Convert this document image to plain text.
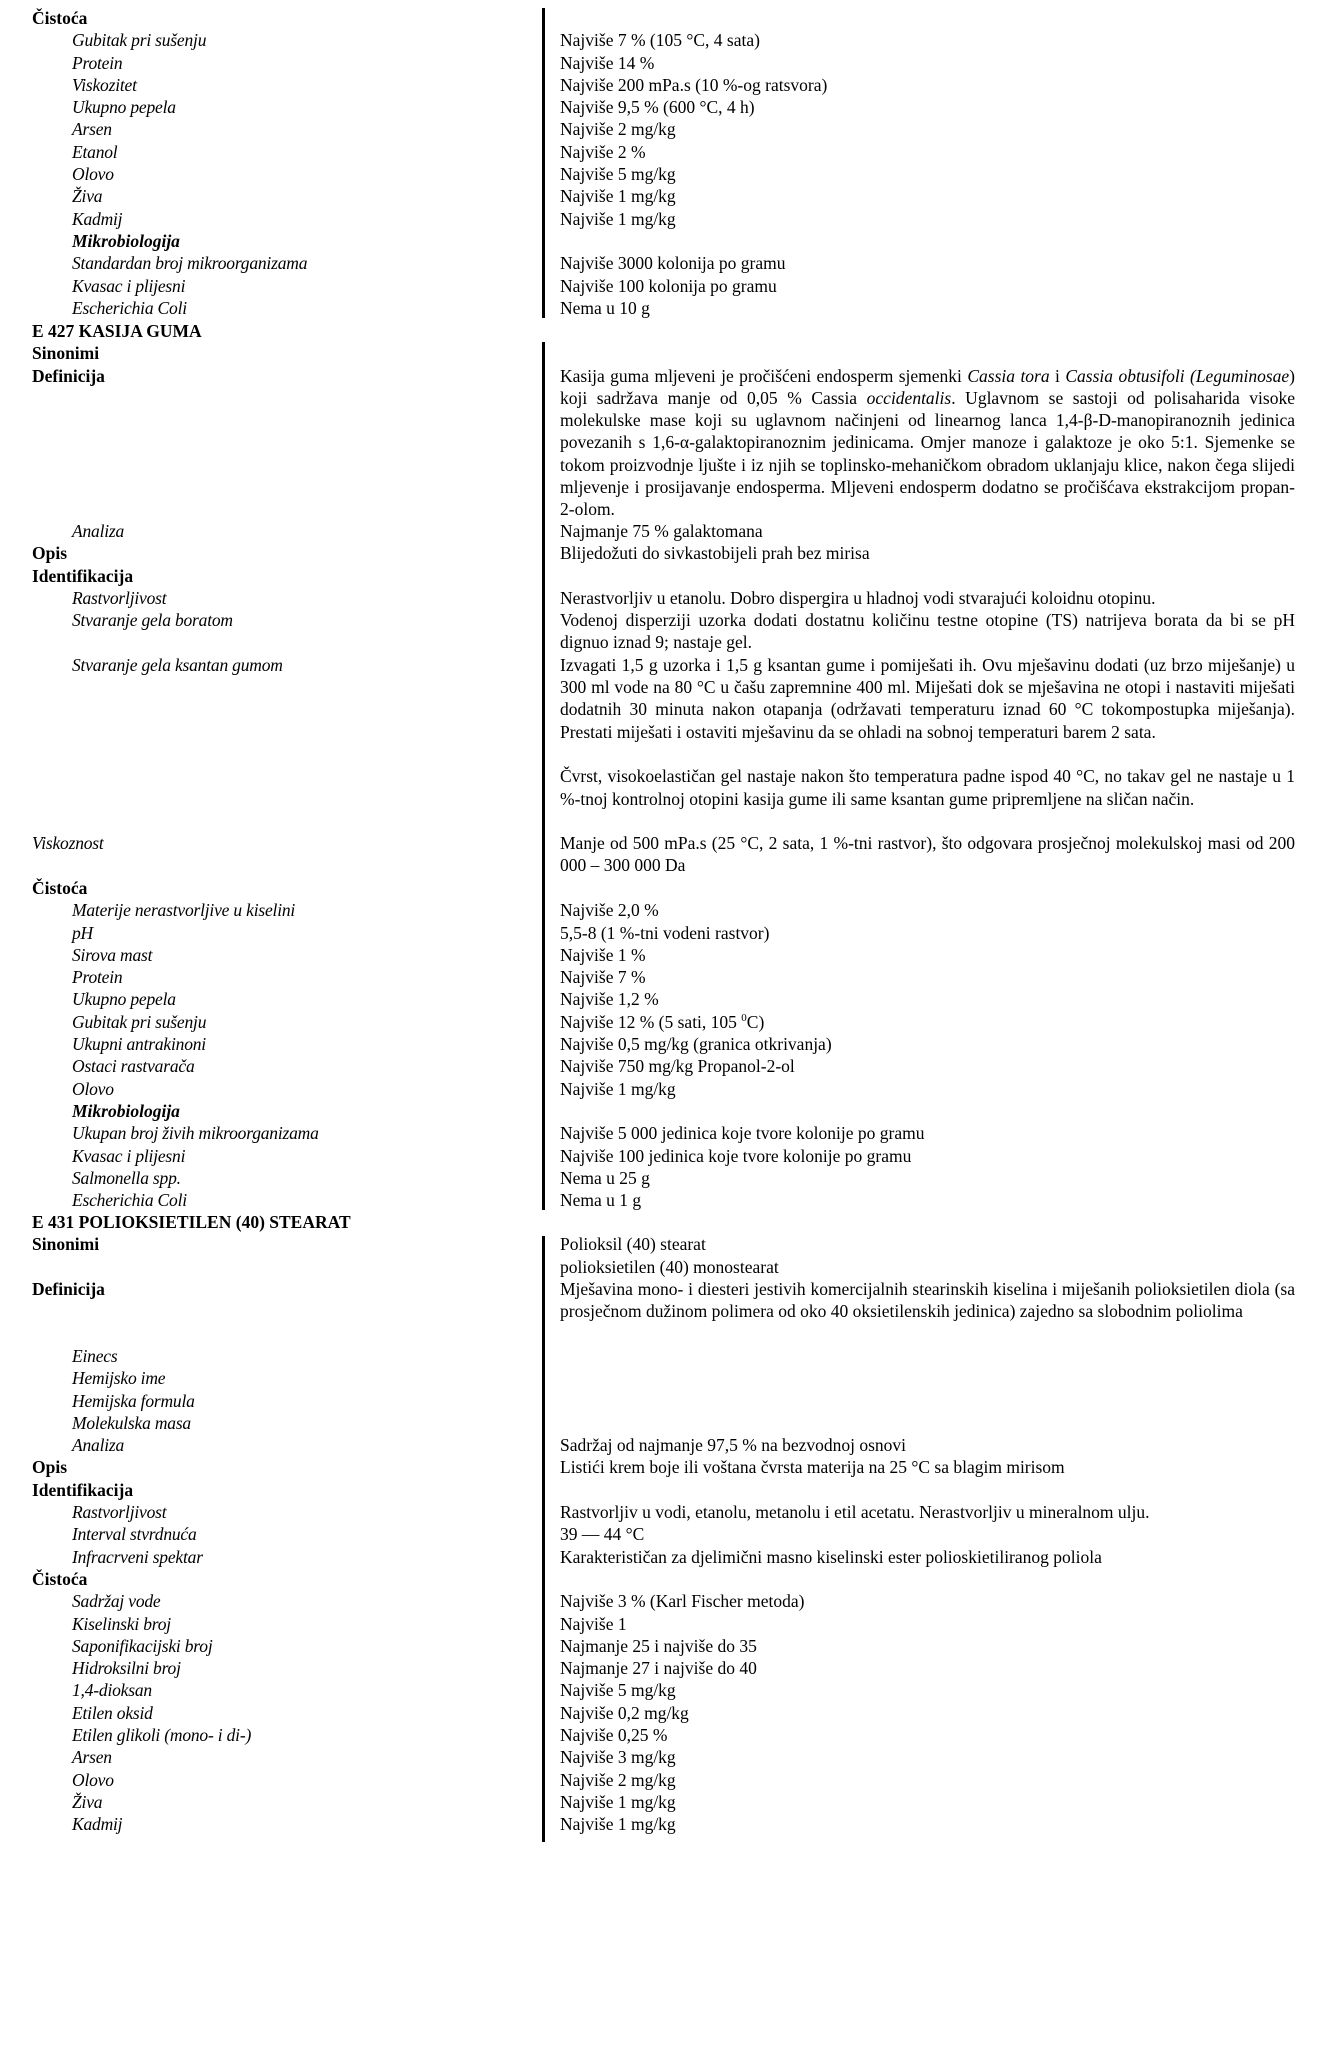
Čistoća
Gubitak pri sušenju	Najviše 7 % (105 °C, 4 sata)
Protein	Najviše 14 %
Viskozitet	Najviše 200 mPa.s (10 %-og ratsvora)
Ukupno pepela	Najviše 9,5 % (600 °C, 4 h)
Arsen	Najviše 2 mg/kg
Etanol	Najviše 2 %
Olovo	Najviše 5 mg/kg
Živa	Najviše 1 mg/kg
Kadmij	Najviše 1 mg/kg
Mikrobiologija
Standardan broj mikroorganizama	Najviše 3000 kolonija po gramu
Kvasac i plijesni	Najviše 100 kolonija po gramu
Escherichia Coli	Nema u 10 g
E 427 KASIJA GUMA
Sinonimi
Definicija	Kasija guma mljeveni je pročišćeni endosperm sjemenki Cassia tora i Cassia obtusifoli (Leguminosae) koji sadržava manje od 0,05 % Cassia occidentalis. Uglavnom se sastoji od polisaharida visoke molekulske mase koji su uglavnom načinjeni od linearnog lanca 1,4-β-D-manopiranoznih jedinica povezanih s 1,6-α-galaktopiranoznim jedinicama. Omjer manoze i galaktoze je oko 5:1. Sjemenke se tokom proizvodnje ljušte i iz njih se toplinsko-mehaničkom obradom uklanjaju klice, nakon čega slijedi mljevenje i prosijavanje endosperma. Mljeveni endosperm dodatno se pročišćava ekstrakcijom propan-2-olom.
Analiza	Najmanje 75 % galaktomana
Opis	Blijedožuti do sivkastobijeli prah bez mirisa
Identifikacija
Rastvorljivost	Nerastvorljiv u etanolu. Dobro dispergira u hladnoj vodi stvarajući koloidnu otopinu.
Stvaranje gela boratom	Vodenoj disperziji uzorka dodati dostatnu količinu testne otopine (TS) natrijeva borata da bi se pH dignuo iznad 9; nastaje gel.
Stvaranje gela ksantan gumom	Izvagati 1,5 g uzorka i 1,5 g ksantan gume i pomiješati ih. Ovu mješavinu dodati (uz brzo miješanje) u 300 ml vode na 80 °C u čašu zapremnine 400 ml. Miješati dok se mješavina ne otopi i nastaviti miješati dodatnih 30 minuta nakon otapanja (održavati temperaturu iznad 60 °C tokompostupka miješanja). Prestati miješati i ostaviti mješavinu da se ohladi na sobnoj temperaturi barem 2 sata.
Čvrst, visokoelastičan gel nastaje nakon što temperatura padne ispod 40 °C, no takav gel ne nastaje u 1 %-tnoj kontrolnoj otopini kasija gume ili same ksantan gume pripremljene na sličan način.
Viskoznost	Manje od 500 mPa.s (25 °C, 2 sata, 1 %-tni rastvor), što odgovara prosječnoj molekulskoj masi od 200 000 – 300 000 Da
Čistoća
Materije nerastvorljive u kiselini	Najviše 2,0 %
pH	5,5-8 (1 %-tni vodeni rastvor)
Sirova mast	Najviše 1 %
Protein	Najviše 7 %
Ukupno pepela	Najviše 1,2 %
Gubitak pri sušenju	Najviše 12 % (5 sati, 105 $^0$C)
Ukupni antrakinoni	Najviše 0,5 mg/kg (granica otkrivanja)
Ostaci rastvarača	Najviše 750 mg/kg Propanol-2-ol
Olovo	Najviše 1 mg/kg
Mikrobiologija
Ukupan broj živih mikroorganizama	Najviše 5 000 jedinica koje tvore kolonije po gramu
Kvasac i plijesni	Najviše 100 jedinica koje tvore kolonije po gramu
Salmonella spp.	Nema u 25 g
Escherichia Coli	Nema u 1 g
E 431 POLIOKSIETILEN (40) STEARAT
Sinonimi	Polioksil (40) stearat
polioksietilen (40) monostearat
Definicija	Mješavina mono- i diesteri jestivih komercijalnih stearinskih kiselina i miješanih polioksietilen diola (sa prosječnom dužinom polimera od oko 40 oksietilenskih jedinica) zajedno sa slobodnim poliolima
Einecs
Hemijsko ime
Hemijska formula
Molekulska masa
Analiza	Sadržaj od najmanje 97,5 % na bezvodnoj osnovi
Opis	Listići krem boje ili voštana čvrsta materija na 25 °C sa blagim mirisom
Identifikacija
Rastvorljivost	Rastvorljiv u vodi, etanolu, metanolu i etil acetatu. Nerastvorljiv u mineralnom ulju.
Interval stvrdnuća	39 — 44 °C
Infracrveni spektar	Karakterističan za djelimični masno kiselinski ester polioskietiliranog poliola
Čistoća
Sadržaj vode	Najviše 3 % (Karl Fischer metoda)
Kiselinski broj	Najviše 1
Saponifikacijski broj	Najmanje 25 i najviše do 35
Hidroksilni broj	Najmanje 27 i najviše do 40
1,4-dioksan	Najviše 5 mg/kg
Etilen oksid	Najviše 0,2 mg/kg
Etilen glikoli (mono- i di-)	Najviše 0,25 %
Arsen	Najviše 3 mg/kg
Olovo	Najviše 2 mg/kg
Živa	Najviše 1 mg/kg
Kadmij	Najviše 1 mg/kg
